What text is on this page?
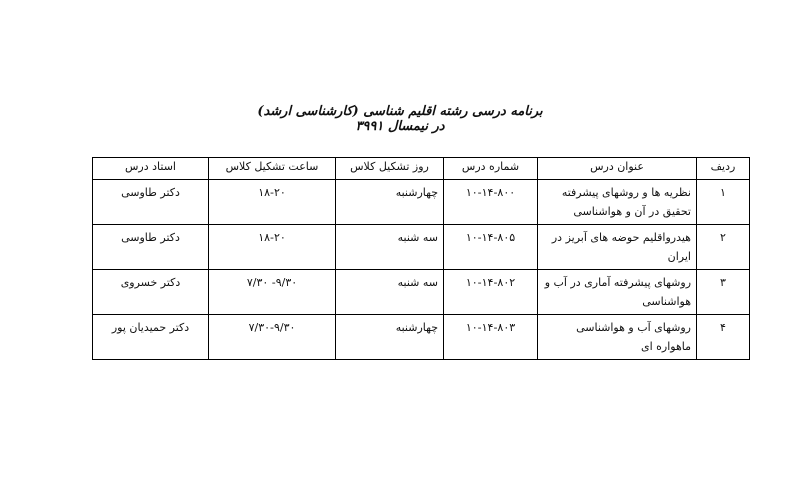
برنامه درسی رشته اقلیم شناسی (کارشناسی ارشد) در نیمسال ۳۹۹۱
ردیف	عنوان درس	شماره درس	روز تشکیل کلاس	ساعت تشکیل کلاس	استاد درس
۱	نظریه ها و روشهای پیشرفته تحقیق در آن و هواشناسی	۱۰-۱۴-۸۰۰	چهارشنبه	۱۸-۲۰	دکتر طاوسی
۲	هیدرواقلیم حوضه های آبریز در ایران	۱۰-۱۴-۸۰۵	سه شنبه	۱۸-۲۰	دکتر طاوسی
۳	روشهای پیشرفته آماری در آب و هواشناسی	۱۰-۱۴-۸۰۲	سه شنبه	۷/۳۰ -۹/۳۰	دکتر خسروی
۴	روشهای آب و هواشناسی ماهواره ای	۱۰-۱۴-۸۰۳	چهارشنبه	۷/۳۰-۹/۳۰	دکتر حمیدیان پور
